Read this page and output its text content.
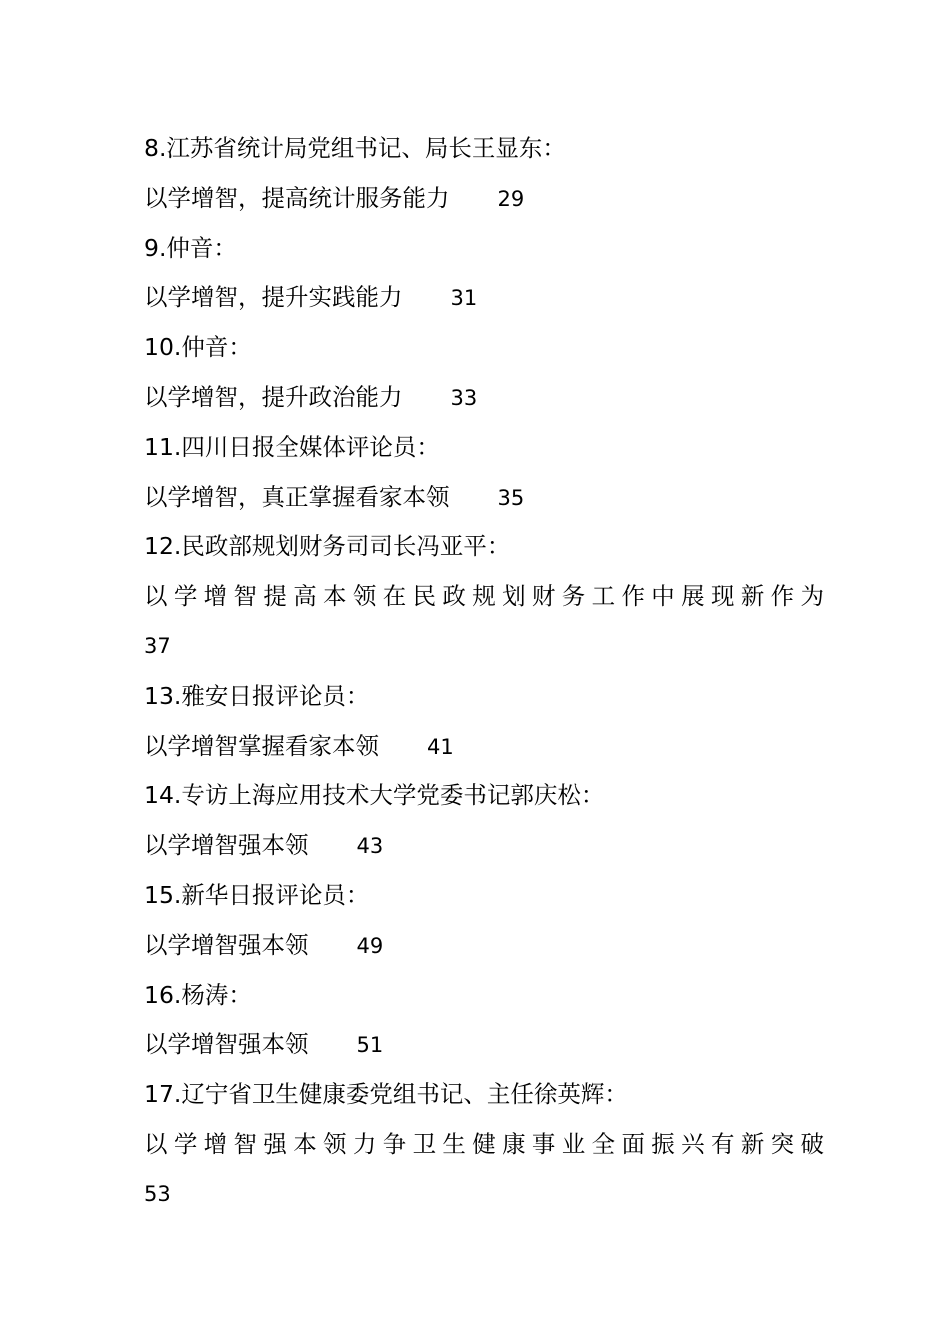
8.江苏省统计局党组书记、局长王显东：
以学增智，提高统计服务能力 29
9.仲音：
以学增智，提升实践能力 31
10.仲音：
以学增智，提升政治能力 33
11.四川日报全媒体评论员：
以学增智，真正掌握看家本领 35
12.民政部规划财务司司长冯亚平：
以学增智提高本领在民政规划财务工作中展现新作为
37
13.雅安日报评论员：
以学增智掌握看家本领 41
14.专访上海应用技术大学党委书记郭庆松：
以学增智强本领 43
15.新华日报评论员：
以学增智强本领 49
16.杨涛：
以学增智强本领 51
17.辽宁省卫生健康委党组书记、主任徐英辉：
以学增智强本领力争卫生健康事业全面振兴有新突破
53
